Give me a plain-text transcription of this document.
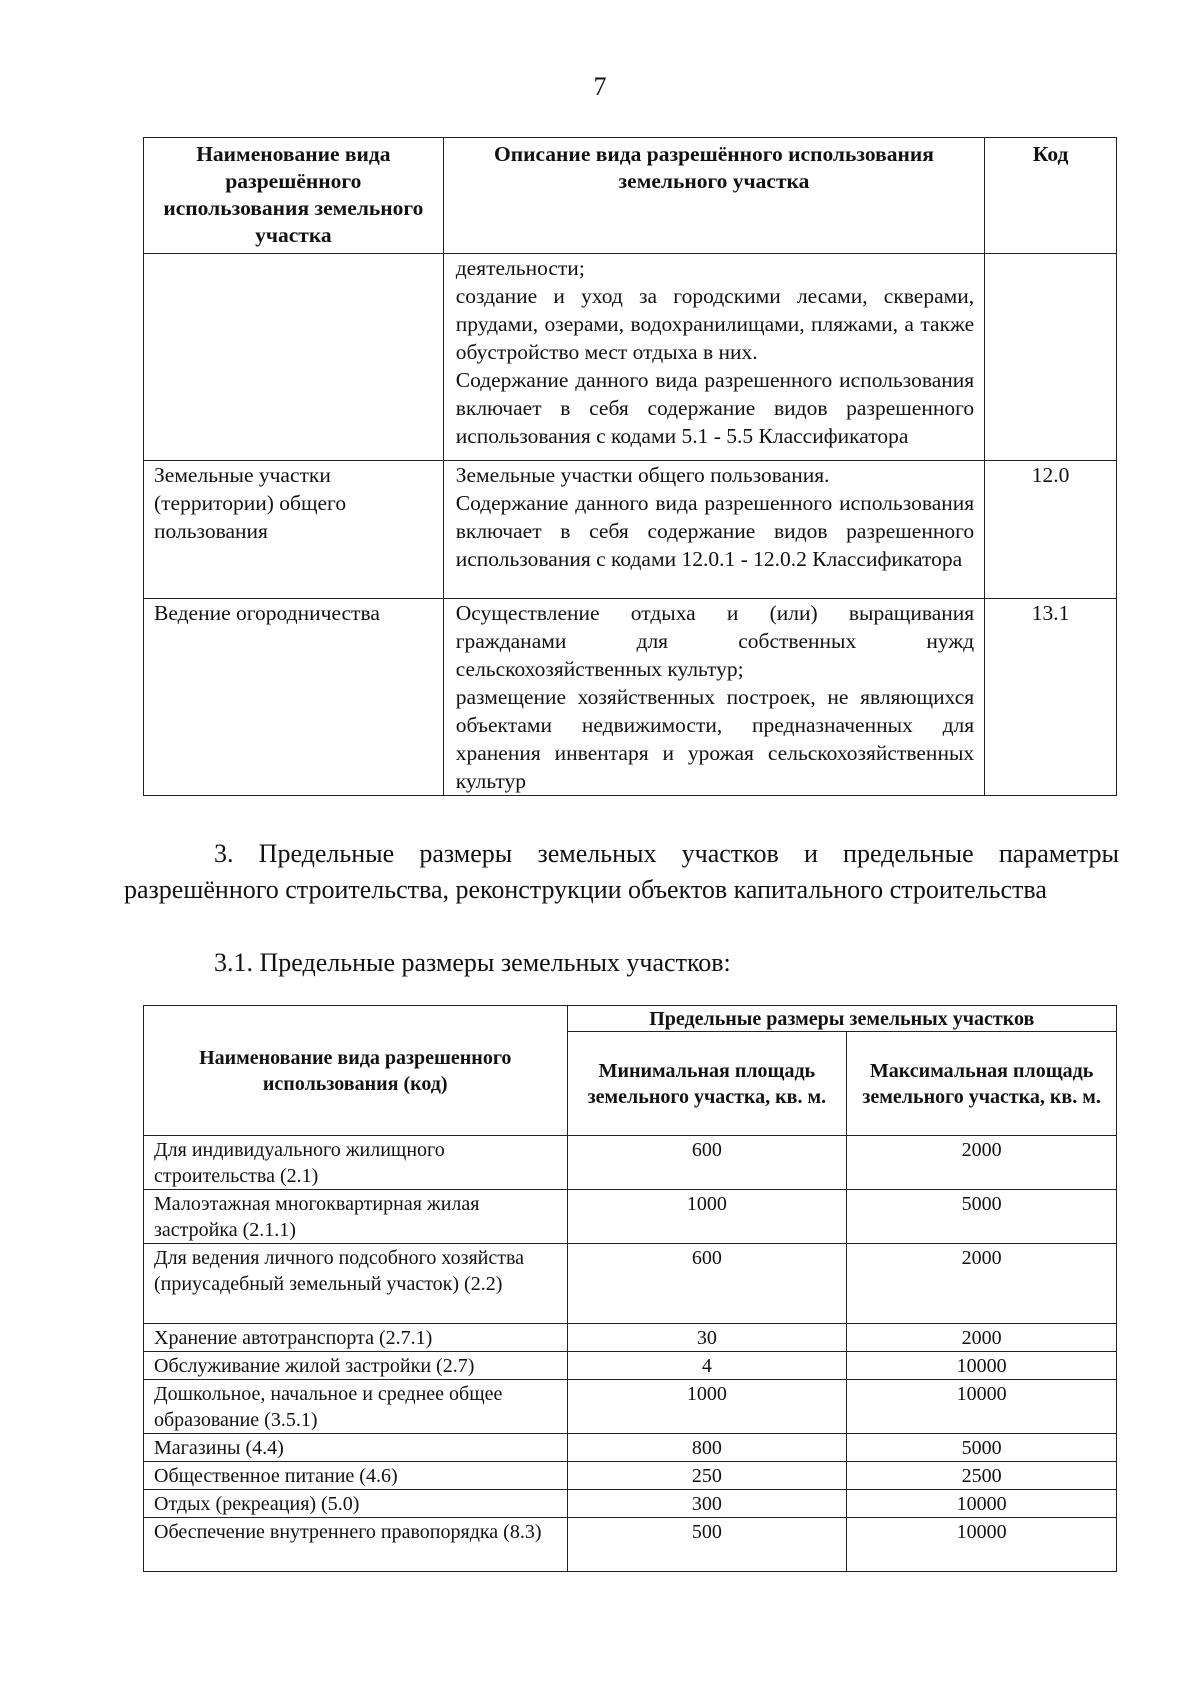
7
Наименование вида разрешённого использования земельного участка	Описание вида разрешённого использования земельного участка	Код

	деятельности;

создание и уход за городскими лесами, скверами, прудами, озерами, водохранилищами, пляжами, а также обустройство мест отдыха в них.

Содержание данного вида разрешенного использования включает в себя содержание видов разрешенного использования с кодами 5.1 - 5.5 Классификатора	

Земельные участки (территории) общего пользования	Земельные участки общего пользования.

Содержание данного вида разрешенного использования включает в себя содержание видов разрешенного использования с кодами 12.0.1 - 12.0.2 Классификатора	12.0
Ведение огородничества	Осуществление отдыха и (или) выращивания гражданами для собственных нужд сельскохозяйственных культур;

размещение хозяйственных построек, не являющихся объектами недвижимости, предназначенных для хранения инвентаря и урожая сельскохозяйственных культур	13.1
3. Предельные размеры земельных участков и предельные параметры разрешённого строительства, реконструкции объектов капитального строительства
3.1. Предельные размеры земельных участков:
Наименование вида разрешенного использования (код)	Предельные размеры земельных участков	
	Минимальная площадь земельного участка, кв. м.	Максимальная площадь земельного участка, кв. м.
Для индивидуального жилищного строительства (2.1)	600	2000
Малоэтажная многоквартирная жилая застройка (2.1.1)	1000	5000
Для ведения личного подсобного хозяйства (приусадебный земельный участок) (2.2)	600	2000
Хранение автотранспорта (2.7.1)	30	2000
Обслуживание жилой застройки (2.7)	4	10000
Дошкольное, начальное и среднее общее образование (3.5.1)	1000	10000
Магазины (4.4)	800	5000
Общественное питание (4.6)	250	2500
Отдых (рекреация) (5.0)	300	10000
Обеспечение внутреннего правопорядка (8.3)	500	10000
